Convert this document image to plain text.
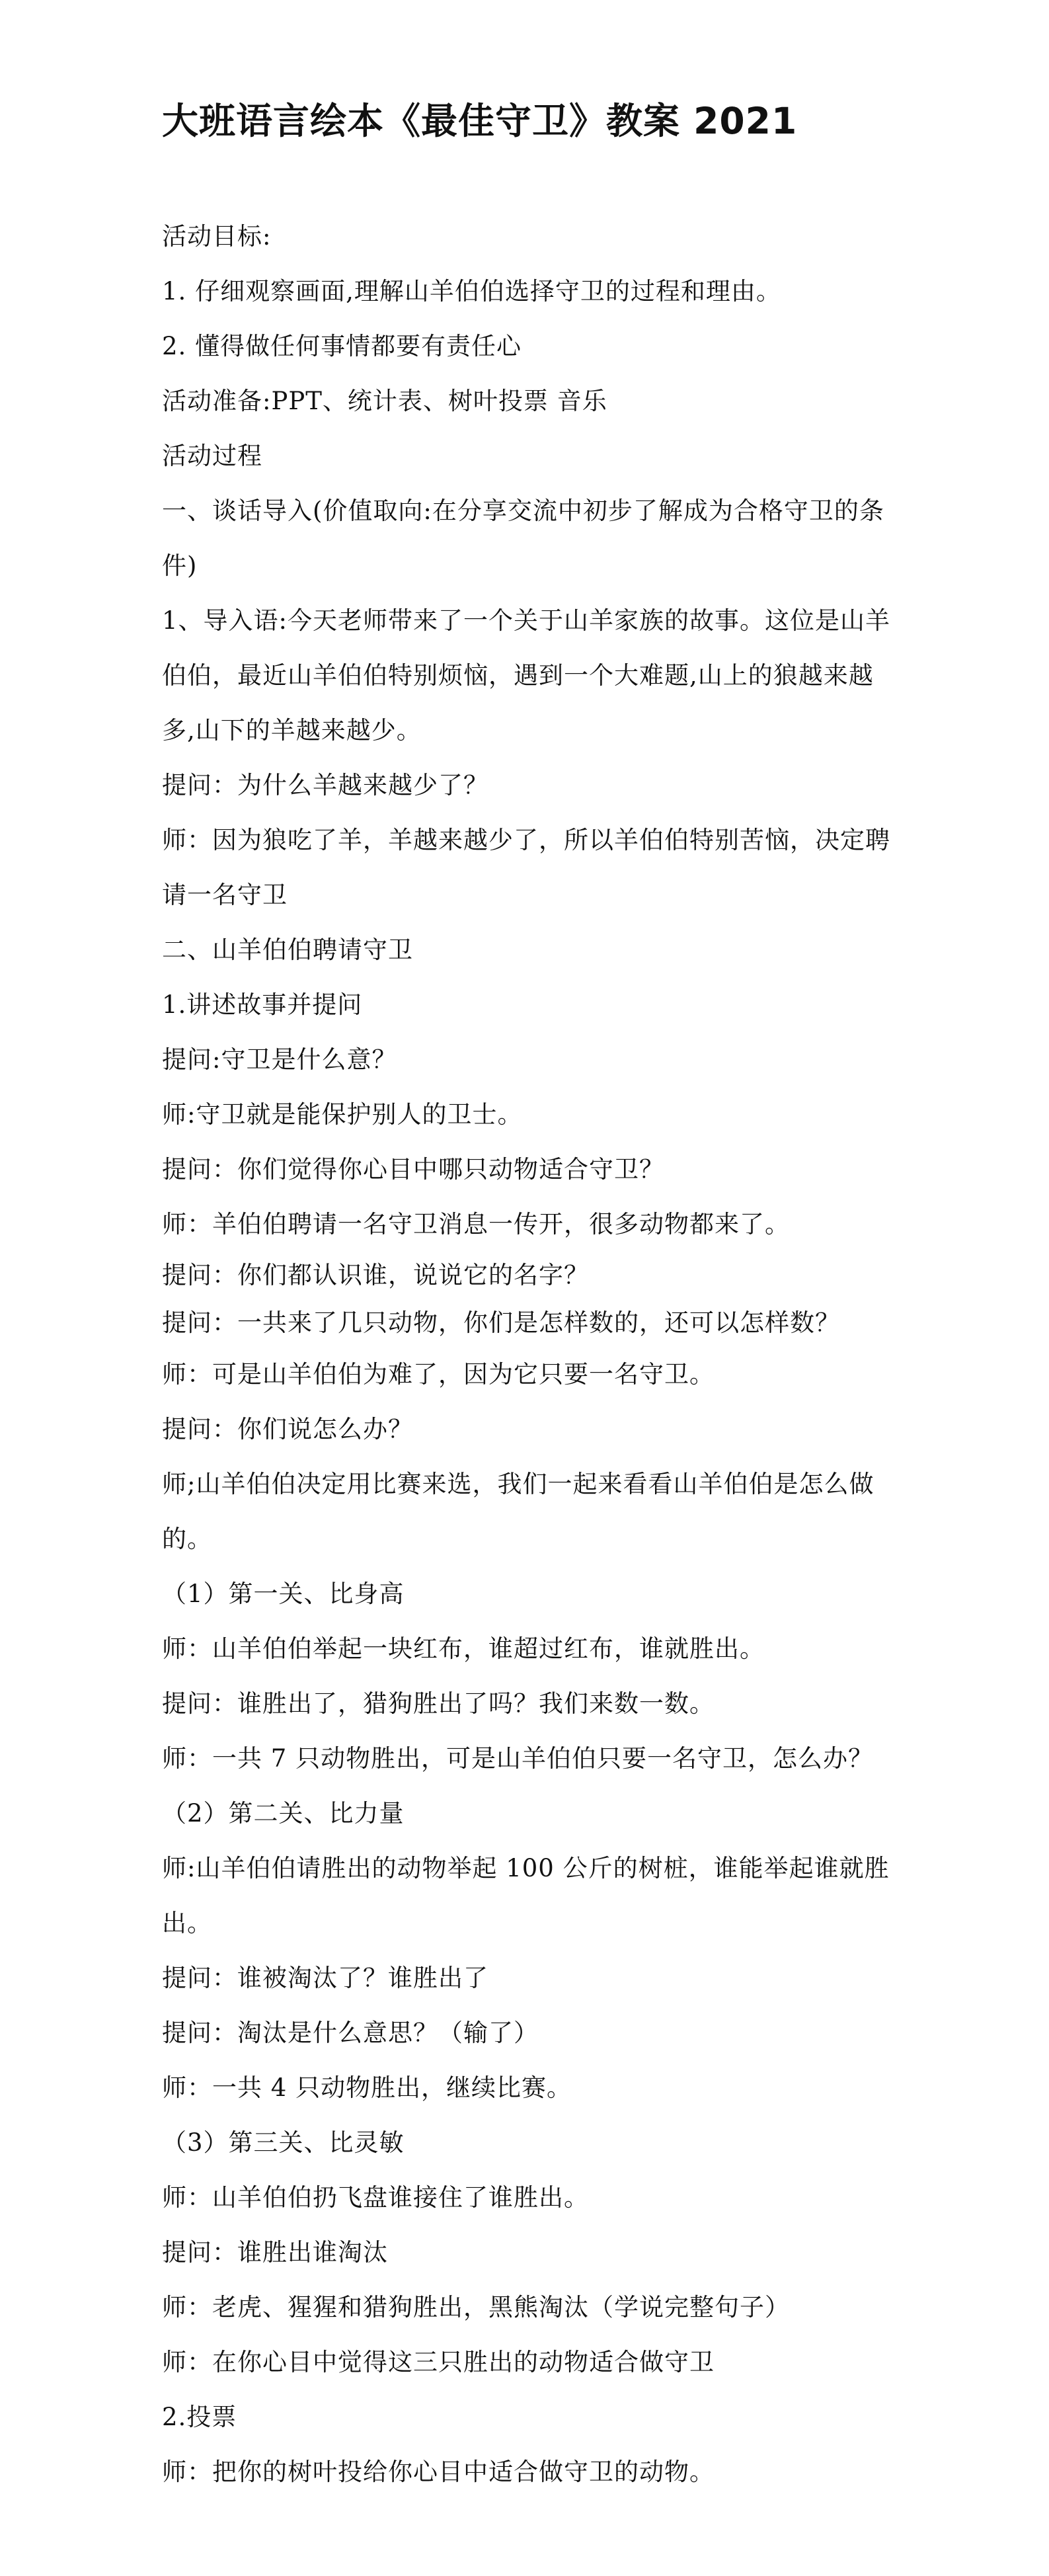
大班语言绘本《最佳守卫》教案 2021

活动目标:

1. 仔细观察画面,理解山羊伯伯选择守卫的过程和理由。

2. 懂得做任何事情都要有责任心

活动准备:PPT、统计表、树叶投票 音乐

活动过程

一、谈话导入(价值取向:在分享交流中初步了解成为合格守卫的条件)

1、导入语:今天老师带来了一个关于山羊家族的故事。这位是山羊伯伯，最近山羊伯伯特别烦恼，遇到一个大难题,山上的狼越来越多,山下的羊越来越少。

提问：为什么羊越来越少了？

师：因为狼吃了羊，羊越来越少了，所以羊伯伯特别苦恼，决定聘请一名守卫

二、山羊伯伯聘请守卫

1.讲述故事并提问

提问:守卫是什么意？

师:守卫就是能保护别人的卫士。

提问：你们觉得你心目中哪只动物适合守卫？

师：羊伯伯聘请一名守卫消息一传开，很多动物都来了。

提问：你们都认识谁，说说它的名字？

提问：一共来了几只动物，你们是怎样数的，还可以怎样数？

师：可是山羊伯伯为难了，因为它只要一名守卫。

提问：你们说怎么办？

师;山羊伯伯决定用比赛来选，我们一起来看看山羊伯伯是怎么做的。

（1）第一关、比身高

师：山羊伯伯举起一块红布，谁超过红布，谁就胜出。

提问：谁胜出了，猎狗胜出了吗？我们来数一数。

师：一共 7 只动物胜出，可是山羊伯伯只要一名守卫，怎么办？

（2）第二关、比力量

师:山羊伯伯请胜出的动物举起 100 公斤的树桩，谁能举起谁就胜出。

提问：谁被淘汰了？谁胜出了

提问：淘汰是什么意思？（输了）

师：一共 4 只动物胜出，继续比赛。

（3）第三关、比灵敏

师：山羊伯伯扔飞盘谁接住了谁胜出。

提问：谁胜出谁淘汰

师：老虎、猩猩和猎狗胜出，黑熊淘汰（学说完整句子）

师：在你心目中觉得这三只胜出的动物适合做守卫

2.投票

师：把你的树叶投给你心目中适合做守卫的动物。
